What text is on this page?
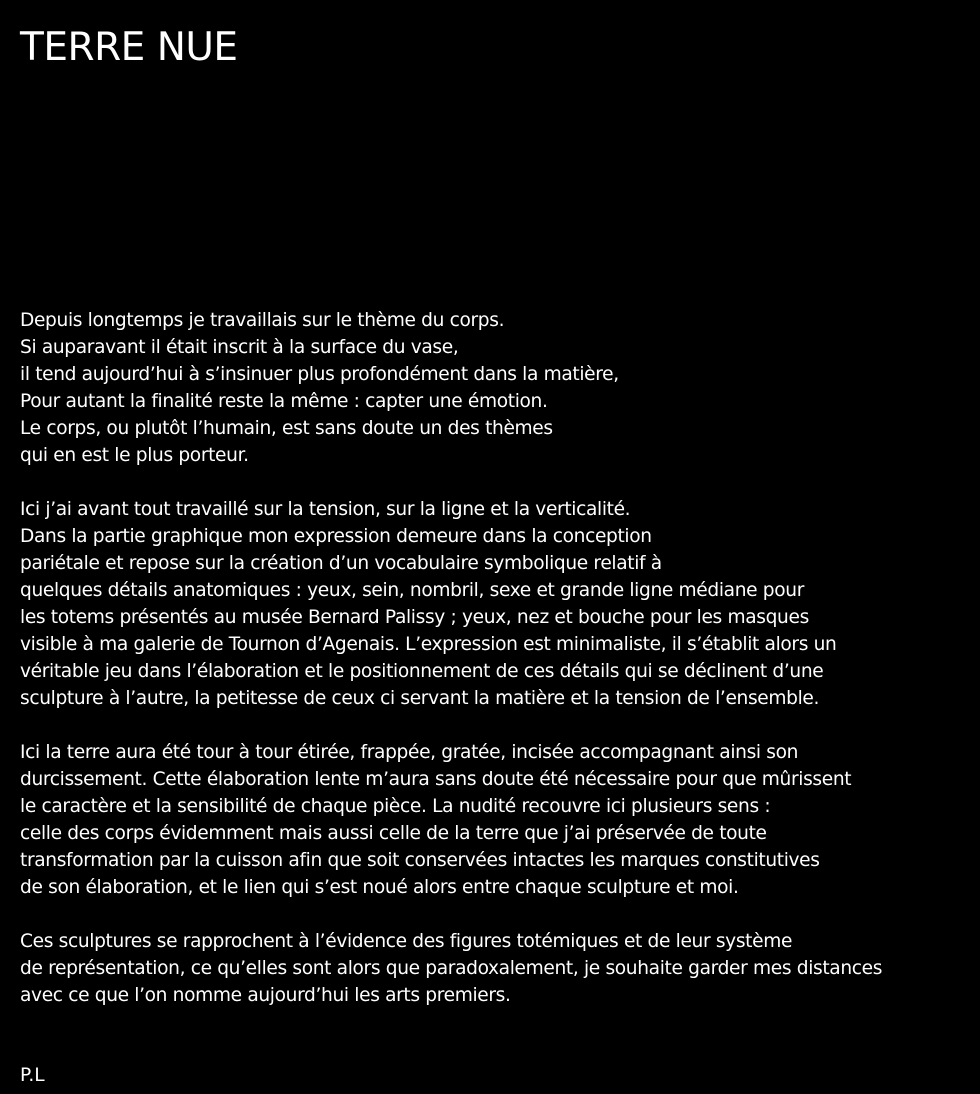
TERRE NUE

Depuis longtemps je travaillais sur le thème du corps.
Si auparavant il était inscrit à la surface du vase,
il tend aujourd’hui à s’insinuer plus profondément dans la matière,
Pour autant la finalité reste la même : capter une émotion.
Le corps, ou plutôt l’humain, est sans doute un des thèmes
qui en est le plus porteur.

Ici j’ai avant tout travaillé sur la tension, sur la ligne et la verticalité.
Dans la partie graphique mon expression demeure dans la conception
pariétale et repose sur la création d’un vocabulaire symbolique relatif à
quelques détails anatomiques : yeux, sein, nombril, sexe et grande ligne médiane pour
les totems présentés au musée Bernard Palissy ; yeux, nez et bouche pour les masques
visible à ma galerie de Tournon d’Agenais. L’expression est minimaliste, il s’établit alors un
véritable jeu dans l’élaboration et le positionnement de ces détails qui se déclinent d’une
sculpture à l’autre, la petitesse de ceux ci servant la matière et la tension de l’ensemble.

Ici la terre aura été tour à tour étirée, frappée, gratée, incisée accompagnant ainsi son
durcissement. Cette élaboration lente m’aura sans doute été nécessaire pour que mûrissent
le caractère et la sensibilité de chaque pièce. La nudité recouvre ici plusieurs sens :
celle des corps évidemment mais aussi celle de la terre que j’ai préservée de toute
transformation par la cuisson afin que soit conservées intactes les marques constitutives
de son élaboration, et le lien qui s’est noué alors entre chaque sculpture et moi.

Ces sculptures se rapprochent à l’évidence des figures totémiques et de leur système
de représentation, ce qu’elles sont alors que paradoxalement, je souhaite garder mes distances
avec ce que l’on nomme aujourd’hui les arts premiers.

P.L
